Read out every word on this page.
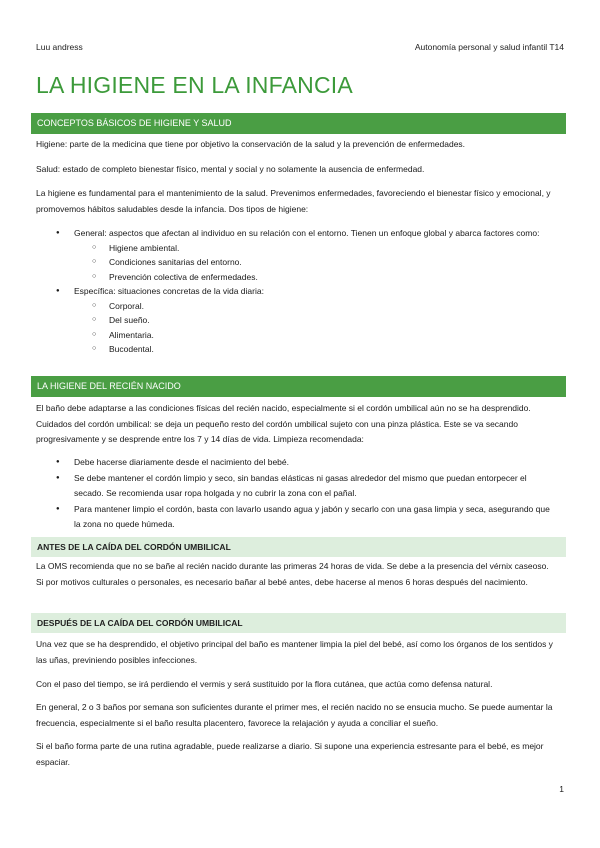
Luu andress	Autonomía personal y salud infantil T14
LA HIGIENE EN LA INFANCIA
CONCEPTOS BÁSICOS DE HIGIENE Y SALUD

Higiene: parte de la medicina que tiene por objetivo la conservación de la salud y la prevención de enfermedades.

Salud: estado de completo bienestar físico, mental y social y no solamente la ausencia de enfermedad.

La higiene es fundamental para el mantenimiento de la salud. Prevenimos enfermedades, favoreciendo el bienestar físico y emocional, y promovemos hábitos saludables desde la infancia. Dos tipos de higiene:

● General: aspectos que afectan al individuo en su relación con el entorno. Tienen un enfoque global y abarca factores como:
○ Higiene ambiental.
○ Condiciones sanitarias del entorno.
○ Prevención colectiva de enfermedades.
● Específica: situaciones concretas de la vida diaria:
○ Corporal.
○ Del sueño.
○ Alimentaria.
○ Bucodental.
LA HIGIENE DEL RECIÉN NACIDO

El baño debe adaptarse a las condiciones físicas del recién nacido, especialmente si el cordón umbilical aún no se ha desprendido. Cuidados del cordón umbilical: se deja un pequeño resto del cordón umbilical sujeto con una pinza plástica. Este se va secando progresivamente y se desprende entre los 7 y 14 días de vida. Limpieza recomendada:

● Debe hacerse diariamente desde el nacimiento del bebé.
● Se debe mantener el cordón limpio y seco, sin bandas elásticas ni gasas alrededor del mismo que puedan entorpecer el secado. Se recomienda usar ropa holgada y no cubrir la zona con el pañal.
● Para mantener limpio el cordón, basta con lavarlo usando agua y jabón y secarlo con una gasa limpia y seca, asegurando que la zona no quede húmeda.
ANTES DE LA CAÍDA DEL CORDÓN UMBILICAL

La OMS recomienda que no se bañe al recién nacido durante las primeras 24 horas de vida. Se debe a la presencia del vérnix caseoso. Si por motivos culturales o personales, es necesario bañar al bebé antes, debe hacerse al menos 6 horas después del nacimiento.

DESPUÉS DE LA CAÍDA DEL CORDÓN UMBILICAL

Una vez que se ha desprendido, el objetivo principal del baño es mantener limpia la piel del bebé, así como los órganos de los sentidos y las uñas, previniendo posibles infecciones.

Con el paso del tiempo, se irá perdiendo el vermis y será sustituido por la flora cutánea, que actúa como defensa natural.

En general, 2 o 3 baños por semana son suficientes durante el primer mes, el recién nacido no se ensucia mucho. Se puede aumentar la frecuencia, especialmente si el baño resulta placentero, favorece la relajación y ayuda a conciliar el sueño.

Si el baño forma parte de una rutina agradable, puede realizarse a diario. Si supone una experiencia estresante para el bebé, es mejor espaciar.

1
